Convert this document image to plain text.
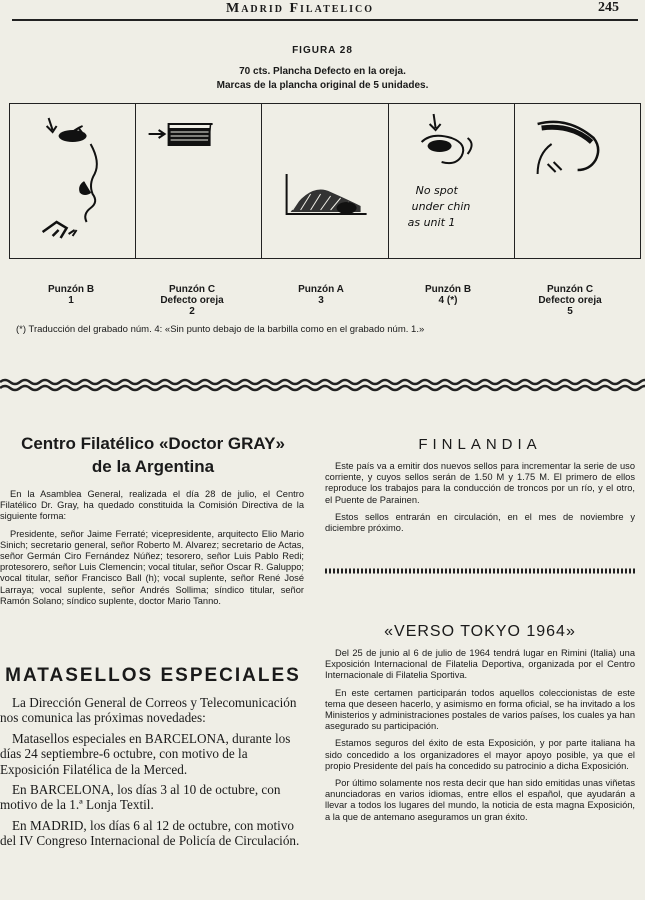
Madrid Filatelico	245
FIGURA 28
70 cts. Plancha Defecto en la oreja.
Marcas de la plancha original de 5 unidades.
No spot
under chin
as unit 1
Punzón B
1
Punzón C
Defecto oreja
2
Punzón A
3
Punzón B
4 (*)
Punzón C
Defecto oreja
5
(*) Traducción del grabado núm. 4: «Sin punto debajo de la barbilla como en el grabado núm. 1.»
Centro Filatélico «Doctor GRAY»
de la Argentina

En la Asamblea General, realizada el día 28 de julio, el Centro Filatélico Dr. Gray, ha quedado constituida la Comisión Directiva de la siguiente forma:

Presidente, señor Jaime Ferraté; vicepresidente, arquitecto Elio Mario Sinich; secretario general, señor Roberto M. Alvarez; secretario de Actas, señor Germán Ciro Fernández Núñez; tesorero, señor Luis Pablo Redi; protesorero, señor Luis Clemencin; vocal titular, señor Oscar R. Galuppo; vocal titular, señor Francisco Ball (h); vocal suplente, señor René José Larraya; vocal suplente, señor Andrés Sollima; síndico titular, señor Ramón Solano; síndico suplente, doctor Mario Tanno.

MATASELLOS ESPECIALES

La Dirección General de Correos y Telecomunicación nos comunica las próximas novedades:

Matasellos especiales en BARCELONA, durante los días 24 septiembre-6 octubre, con motivo de la Exposición Filatélica de la Merced.

En BARCELONA, los días 3 al 10 de octubre, con motivo de la 1.ª Lonja Textil.

En MADRID, los días 6 al 12 de octubre, con motivo del IV Congreso Internacional de Policía de Circulación.

FINLANDIA

Este país va a emitir dos nuevos sellos para incrementar la serie de uso corriente, y cuyos sellos serán de 1.50 M y 1.75 M. El primero de ellos reproduce los trabajos para la conducción de troncos por un río, y el otro, el Puente de Parainen.

Estos sellos entrarán en circulación, en el mes de noviembre y diciembre próximo.

«VERSO TOKYO 1964»

Del 25 de junio al 6 de julio de 1964 tendrá lugar en Rimini (Italia) una Exposición Internacional de Filatelia Deportiva, organizada por el Centro Internacionale di Filatelia Sportiva.

En este certamen participarán todos aquellos coleccionistas de este tema que deseen hacerlo, y asimismo en forma oficial, se ha invitado a los Ministerios y administraciones postales de varios países, los cuales ya han asegurado su participación.

Estamos seguros del éxito de esta Exposición, y por parte italiana ha sido concedido a los organizadores el mayor apoyo posible, ya que el propio Presidente del país ha concedido su patrocinio a dicha Exposición.

Por último solamente nos resta decir que han sido emitidas unas viñetas anunciadoras en varios idiomas, entre ellos el español, que ayudarán a llevar a todos los lugares del mundo, la noticia de esta magna Exposición, a la que de antemano aseguramos un gran éxito.
